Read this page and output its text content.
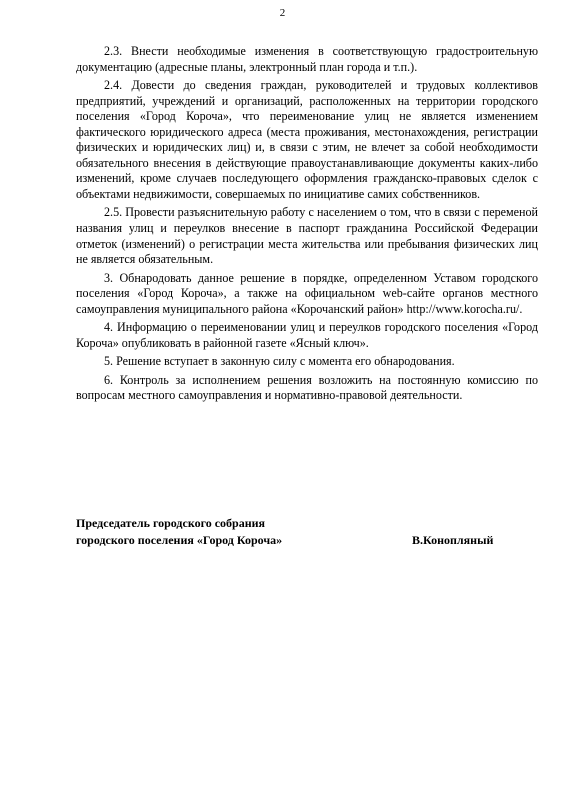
2

2.3. Внести необходимые изменения в соответствующую градостроительную документацию (адресные планы, электронный план города и т.п.).

2.4. Довести до сведения граждан, руководителей и трудовых коллективов предприятий, учреждений и организаций, расположенных на территории городского поселения «Город Короча», что переименование улиц не является изменением фактического юридического адреса (места проживания, местонахождения, регистрации физических и юридических лиц) и, в связи с этим, не влечет за собой необходимости обязательного внесения в действующие правоустанавливающие документы каких-либо изменений, кроме случаев последующего оформления гражданско-правовых сделок с объектами недвижимости, совершаемых по инициативе самих собственников.

2.5. Провести разъяснительную работу с населением о том, что в связи с переменой названия улиц и переулков внесение в паспорт гражданина Российской Федерации отметок (изменений) о регистрации места жительства или пребывания физических лиц не является обязательным.

3. Обнародовать данное решение в порядке, определенном Уставом городского поселения «Город Короча», а также на официальном web-сайте органов местного самоуправления муниципального района «Корочанский район» http://www.korocha.ru/.

4. Информацию о переименовании улиц и переулков городского поселения «Город Короча» опубликовать в районной газете «Ясный ключ».

5. Решение вступает в законную силу с момента его обнародования.

6. Контроль за исполнением решения возложить на постоянную комиссию по вопросам местного самоуправления и нормативно-правовой деятельности.

Председатель городского собрания
городского поселения «Город Короча»	В.Конопляный
